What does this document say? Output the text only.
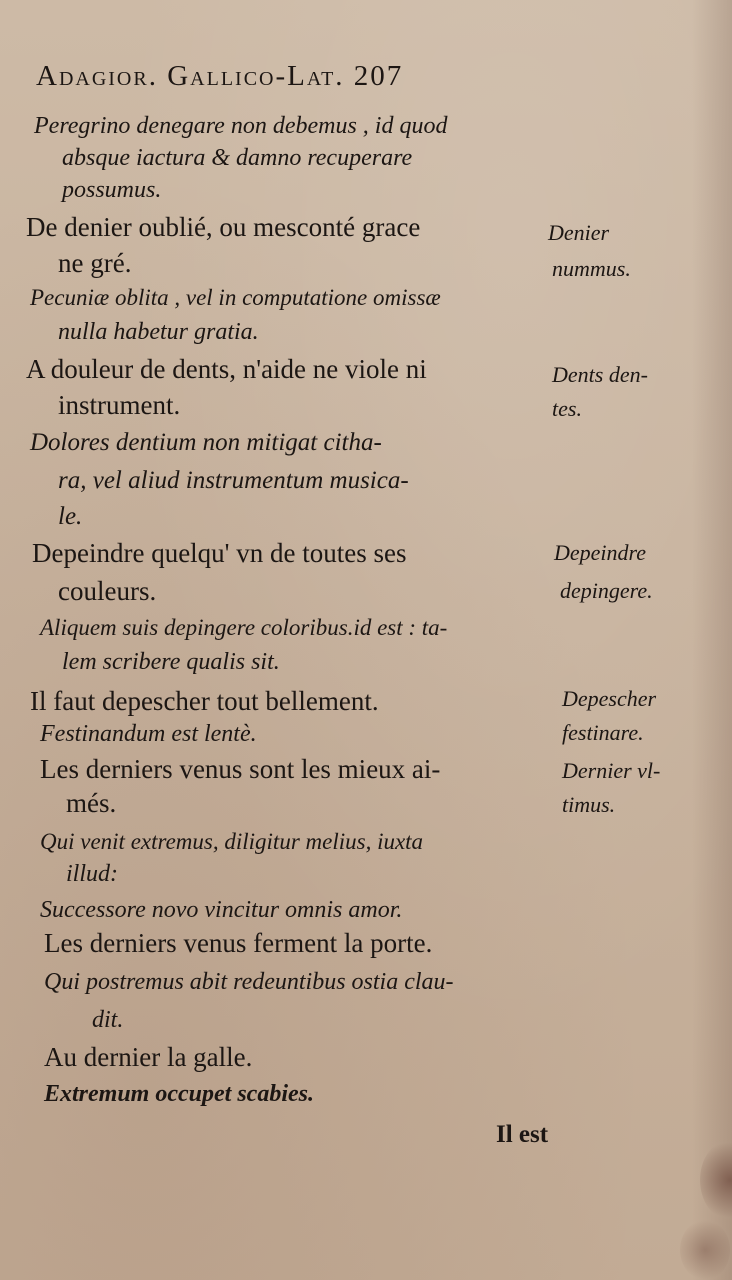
Adagior. Gallico-Lat. 207
Peregrino denegare non debemus , id quod
absque iactura & damno recuperare
possumus.
De denier oublié, ou mesconté grace
ne gré.
Pecuniæ oblita , vel in computatione omissæ
nulla habetur gratia.
A douleur de dents, n'aide ne viole ni
instrument.
Dolores dentium non mitigat citha-
ra, vel aliud instrumentum musica-
le.
Depeindre quelqu' vn de toutes ses
couleurs.
Aliquem suis depingere coloribus.id est : ta-
lem scribere qualis sit.
Il faut depescher tout bellement.
Festinandum est lentè.
Les derniers venus sont les mieux ai-
més.
Qui venit extremus, diligitur melius, iuxta
illud:
Successore novo vincitur omnis amor.
Les derniers venus ferment la porte.
Qui postremus abit redeuntibus ostia clau-
dit.
Au dernier la galle.
Extremum occupet scabies.
Denier
nummus.
Dents den-
tes.
Depeindre
depingere.
Depescher
festinare.
Dernier vl-
timus.
Il est
